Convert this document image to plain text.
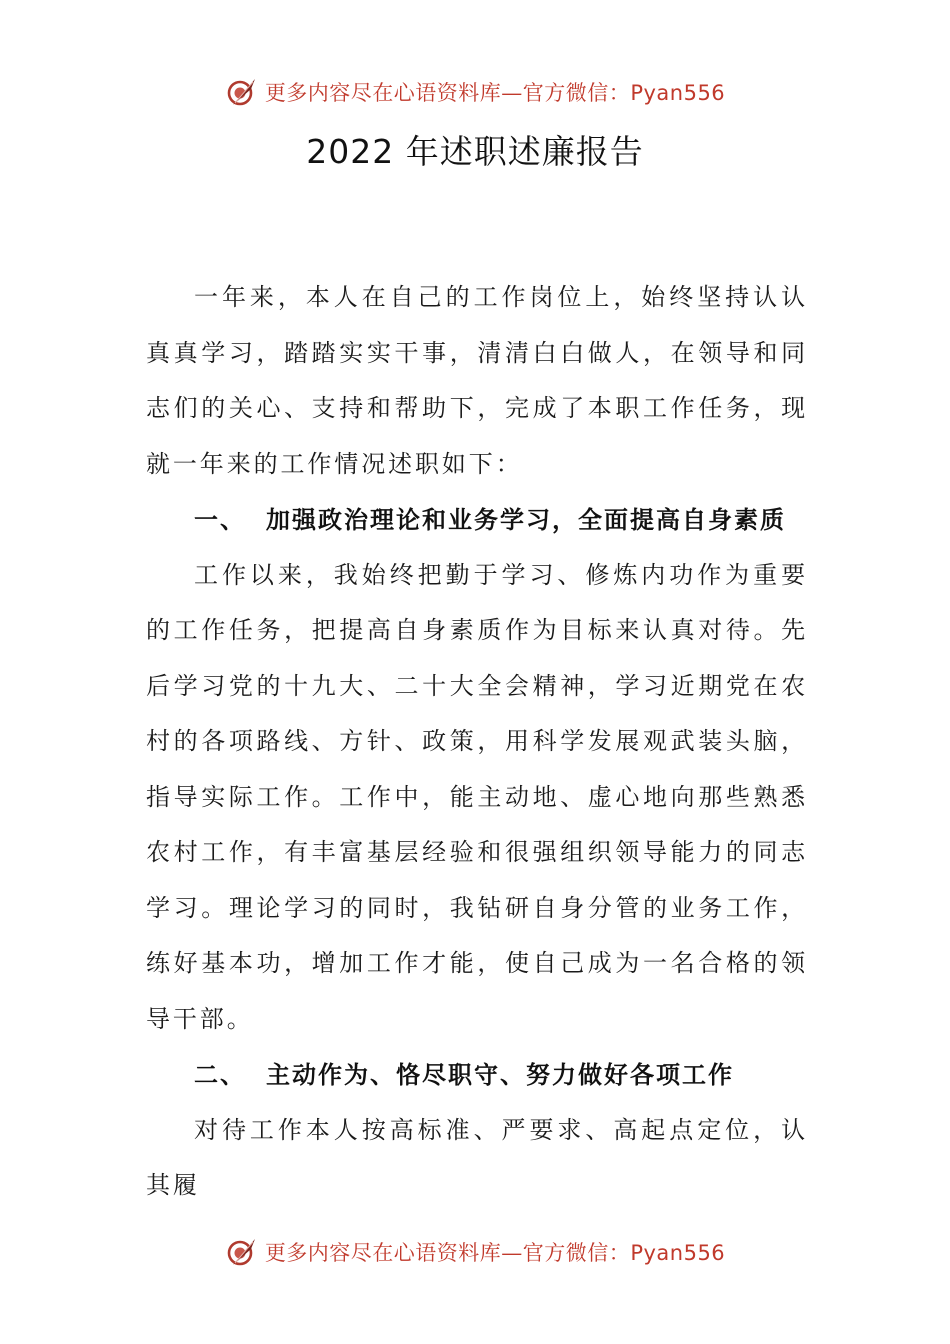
更多内容尽在心语资料库—官方微信：Pyan556
2022 年述职述廉报告

一年来，本人在自己的工作岗位上，始终坚持认认真真学习，踏踏实实干事，清清白白做人，在领导和同志们的关心、支持和帮助下，完成了本职工作任务，现就一年来的工作情况述职如下：

一、 加强政治理论和业务学习，全面提高自身素质

工作以来，我始终把勤于学习、修炼内功作为重要的工作任务，把提高自身素质作为目标来认真对待。先后学习党的十九大、二十大全会精神，学习近期党在农村的各项路线、方针、政策，用科学发展观武装头脑，指导实际工作。工作中，能主动地、虚心地向那些熟悉农村工作，有丰富基层经验和很强组织领导能力的同志学习。理论学习的同时，我钻研自身分管的业务工作，练好基本功，增加工作才能，使自己成为一名合格的领导干部。

二、 主动作为、恪尽职守、努力做好各项工作

对待工作本人按高标准、严要求、高起点定位，认其履

更多内容尽在心语资料库—官方微信：Pyan556
